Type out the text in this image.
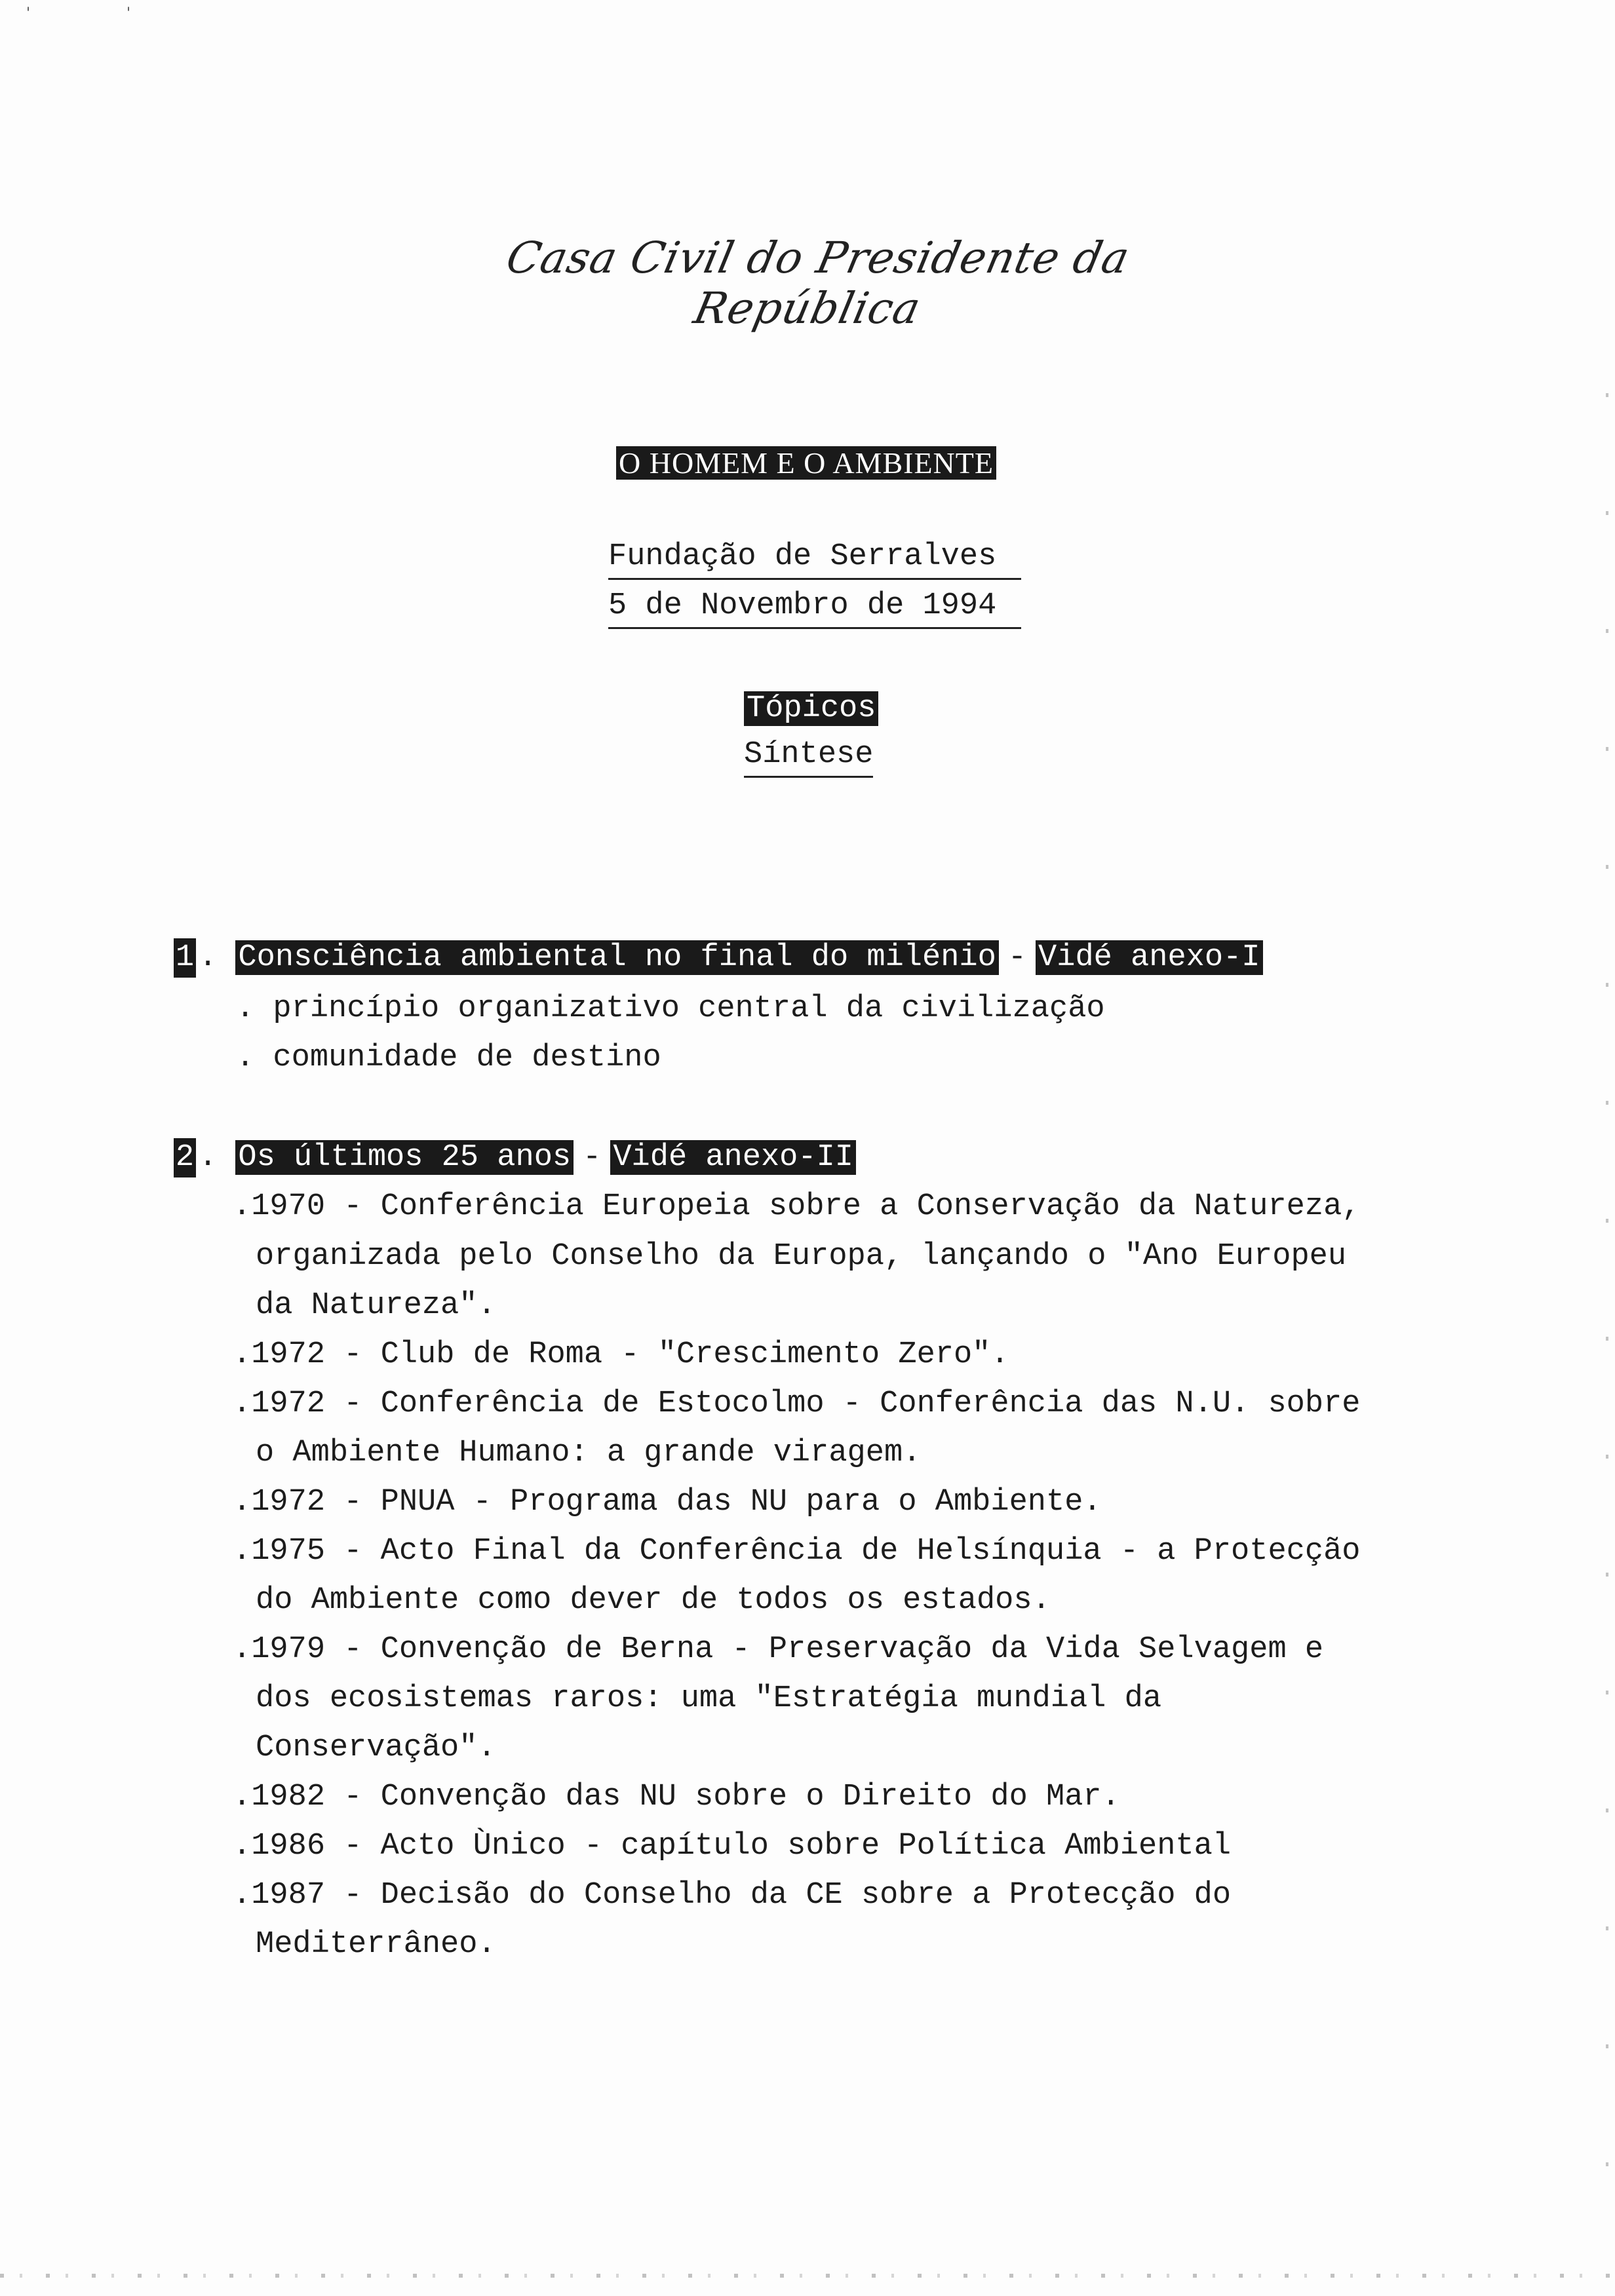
' '
Casa Civil do Presidente da República
O HOMEM E O AMBIENTE
Fundação de Serralves
5 de Novembro de 1994
Tópicos
Síntese
1 . Consciência ambiental no final do milénio - Vidé anexo-I
. princípio organizativo central da civilização
. comunidade de destino
2 . Os últimos 25 anos - Vidé anexo-II
.1970 - Conferência Europeia sobre a Conservação da Natureza,
organizada pelo Conselho da Europa, lançando o "Ano Europeu
da Natureza".
.1972 - Club de Roma - "Crescimento Zero".
.1972 - Conferência de Estocolmo - Conferência das N.U. sobre
o Ambiente Humano: a grande viragem.
.1972 - PNUA - Programa das NU para o Ambiente.
.1975 - Acto Final da Conferência de Helsínquia - a Protecção
do Ambiente como dever de todos os estados.
.1979 - Convenção de Berna - Preservação da Vida Selvagem e
dos ecosistemas raros: uma "Estratégia mundial da
Conservação".
.1982 - Convenção das NU sobre o Direito do Mar.
.1986 - Acto Ùnico - capítulo sobre Política Ambiental
.1987 - Decisão do Conselho da CE sobre a Protecção do
Mediterrâneo.
